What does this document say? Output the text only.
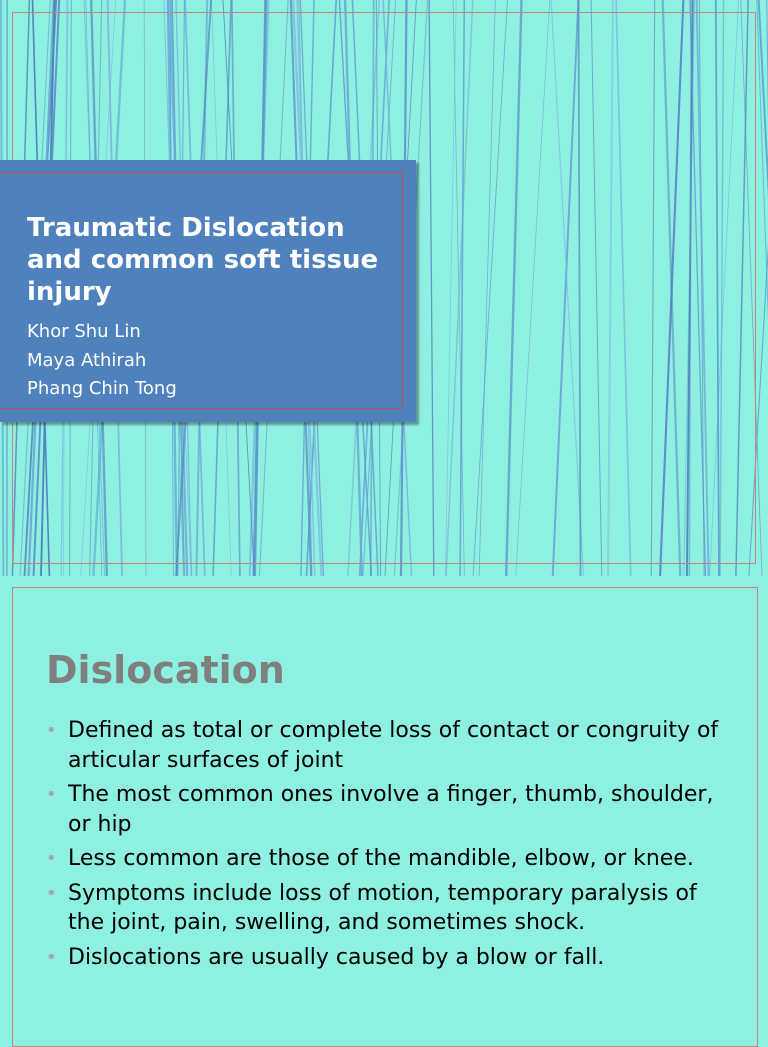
Traumatic Dislocation and common soft tissue injury
Khor Shu Lin
Maya Athirah
Phang Chin Tong
Dislocation
• Defined as total or complete loss of contact or congruity of articular surfaces of joint
• The most common ones involve a finger, thumb, shoulder, or hip
• Less common are those of the mandible, elbow, or knee.
• Symptoms include loss of motion, temporary paralysis of the joint, pain, swelling, and sometimes shock.
• Dislocations are usually caused by a blow or fall.
